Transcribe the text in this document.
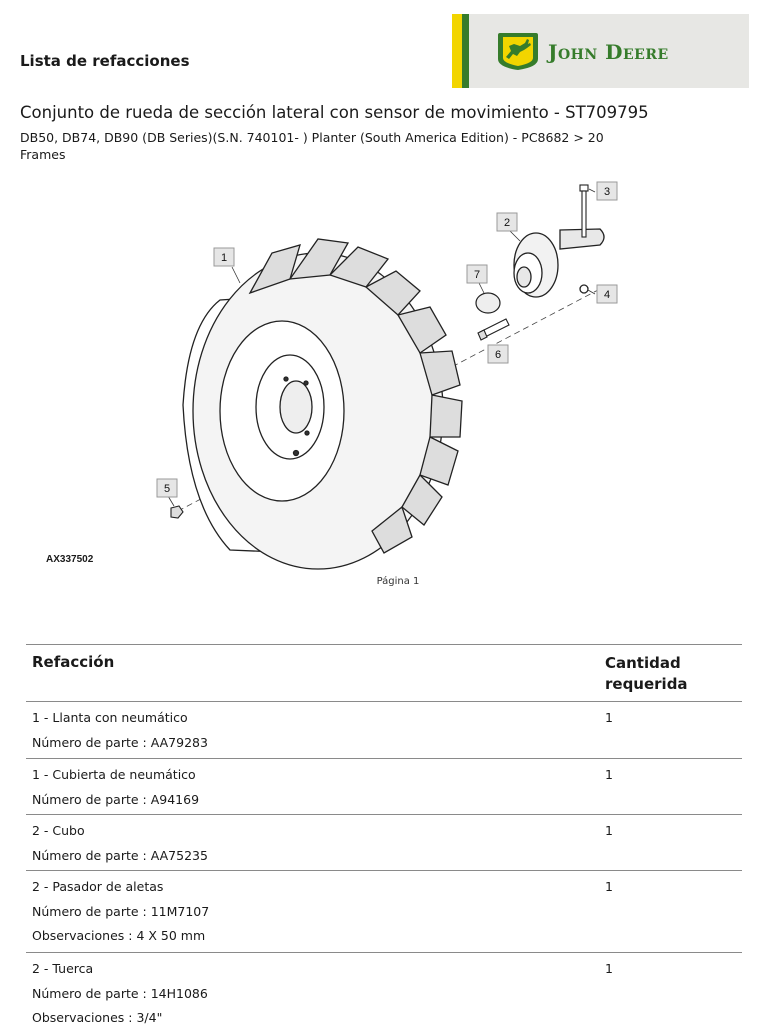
Lista de refacciones	John Deere
Conjunto de rueda de sección lateral con sensor de movimiento - ST709795
DB50, DB74, DB90 (DB Series)(S.N. 740101- ) Planter (South America Edition) - PC8682 > 20
Frames
1
2
3
4
5
6
7
AX337502
Página 1
Refacción	Cantidad
requerida
1 - Llanta con neumático
Número de parte : AA79283
1
1 - Cubierta de neumático
Número de parte : A94169
1
2 - Cubo
Número de parte : AA75235
1
2 - Pasador de aletas
Número de parte : 11M7107
Observaciones : 4 X 50 mm
1
2 - Tuerca
Número de parte : 14H1086
Observaciones : 3/4"
1
